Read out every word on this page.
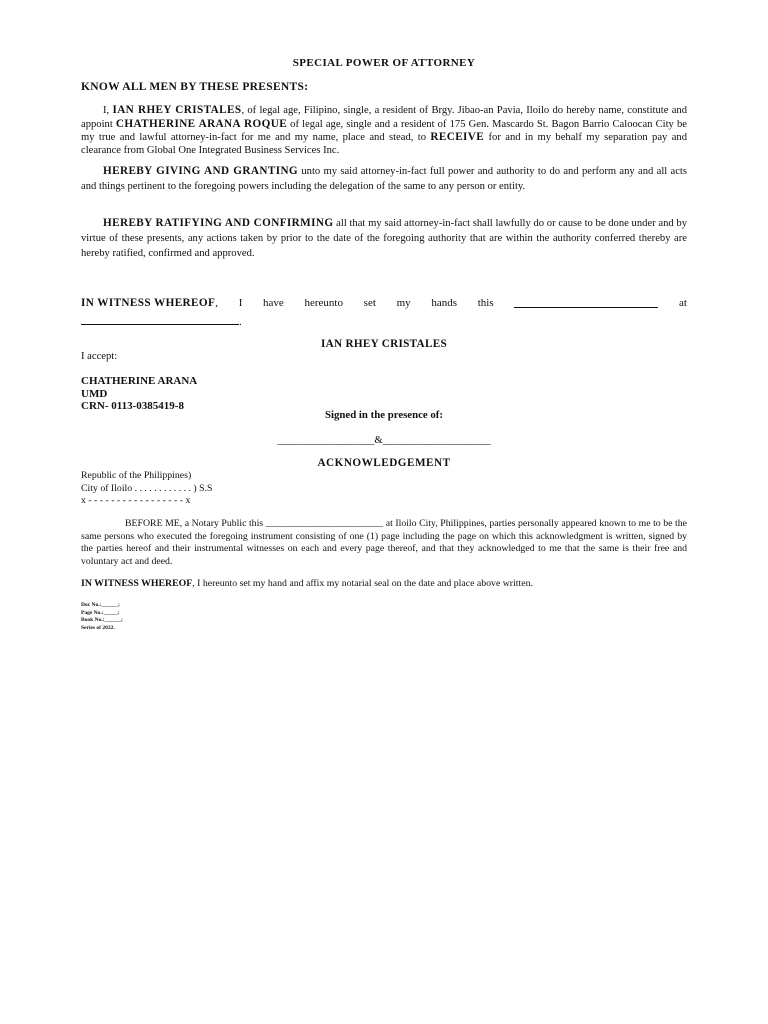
SPECIAL POWER OF ATTORNEY
KNOW ALL MEN BY THESE PRESENTS:

I, IAN RHEY CRISTALES, of legal age, Filipino, single, a resident of Brgy. Jibao-an Pavia, Iloilo do hereby name, constitute and appoint CHATHERINE ARANA ROQUE of legal age, single and a resident of 175 Gen. Mascardo St. Bagon Barrio Caloocan City be my true and lawful attorney-in-fact for me and my name, place and stead, to RECEIVE for and in my behalf my separation pay and clearance from Global One Integrated Business Services Inc.

HEREBY GIVING AND GRANTING unto my said attorney-in-fact full power and authority to do and perform any and all acts and things pertinent to the foregoing powers including the delegation of the same to any person or entity.

HEREBY RATIFYING AND CONFIRMING all that my said attorney-in-fact shall lawfully do or cause to be done under and by virtue of these presents, any actions taken by prior to the date of the foregoing authority that are within the authority conferred thereby are hereby ratified, confirmed and approved.

IN WITNESS WHEREOF, I have hereunto set my hands this	at
.
IAN RHEY CRISTALES
I accept:
CHATHERINE ARANA
UMD
CRN- 0113-0385419-8
Signed in the presence of:
__________________&____________________
ACKNOWLEDGEMENT
Republic of the Philippines)
City of Iloilo . . . . . . . . . . . . ) S.S
x - - - - - - - - - - - - - - - - - x

BEFORE ME, a Notary Public this ________________________ at Iloilo City, Philippines, parties personally appeared known to me to be the same persons who executed the foregoing instrument consisting of one (1) page including the page on which this acknowledgment is written, signed by the parties hereof and their instrumental witnesses on each and every page thereof, and that they acknowledged to me that the same is their free and voluntary act and deed.

IN WITNESS WHEREOF, I hereunto set my hand and affix my notarial seal on the date and place above written.

Doc No.:______;
Page No.:_____;
Book No.:______;
Series of 2022.
